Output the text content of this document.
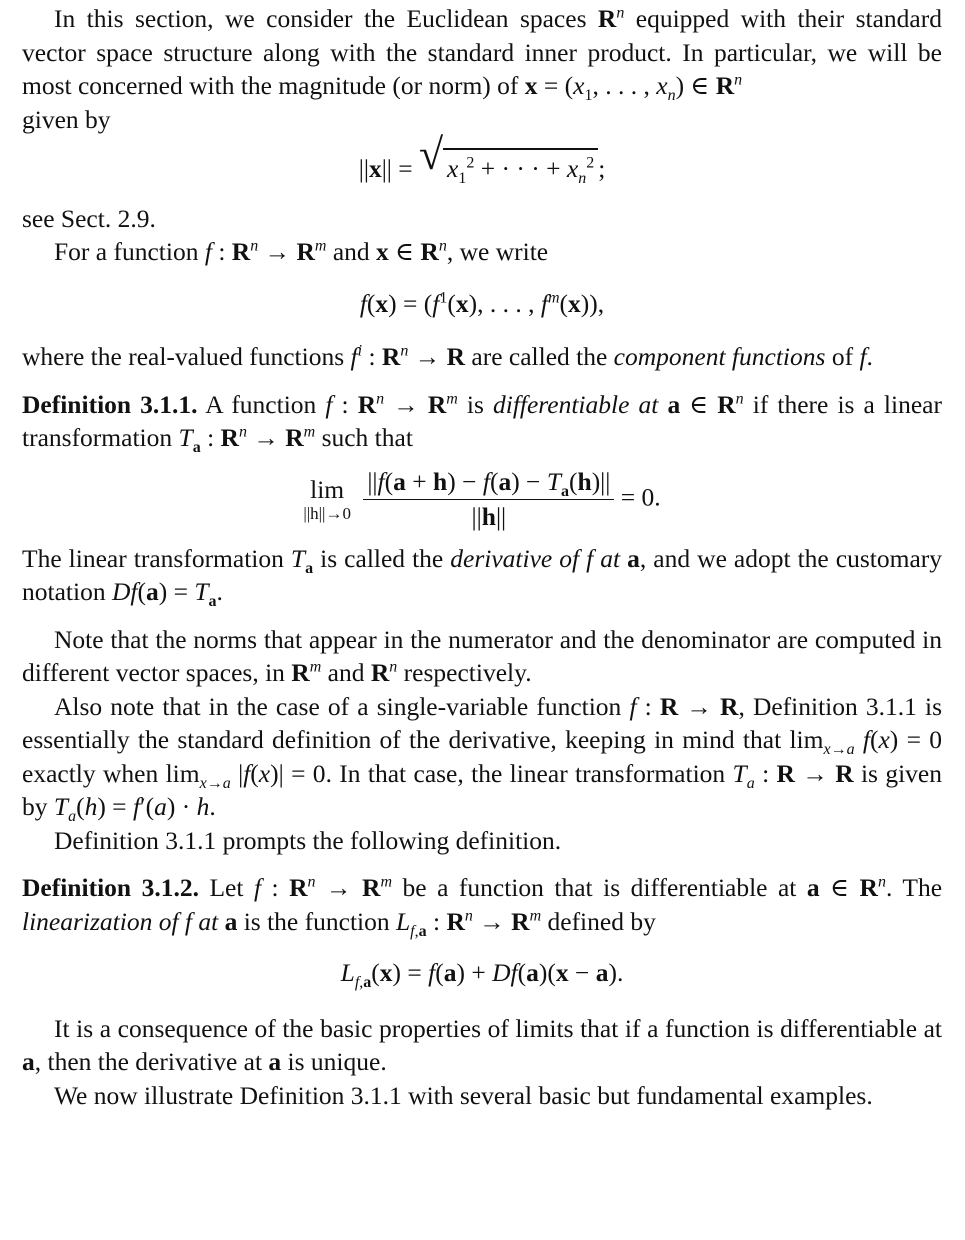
In this section, we consider the Euclidean spaces $R^n$ equipped with their standard vector space structure along with the standard inner product. In particular, we will be most concerned with the magnitude (or norm) of $x = (x_1$, . . . , $x_n$) ∈ $R^n$
given by

||x|| = √ $x_1^2$ + · · · + $x_n^2$ ;

see Sect. 2.9.

For a function f : $R^n \to R^m$ and x ∈ $R^n$, we write

$f(x) = (f^1(x)$, . . . , $f^m(x)$),

where the real-valued functions $f^i$ : $R^n \to R$ are called the component functions of f.

Definition 3.1.1. A function f : $R^n \to R^m$ is differentiable at a ∈ $R^n$ if there is a linear transformation $T_a$ : $R^n \to R^m$ such that

lim
||h||→0
$\frac{||f(a + h) - f(a) - T_a(h)||}{||h||} = 0$.

The linear transformation $T_a$ is called the derivative of f at a, and we adopt the customary notation $Df(a) = T_a$.

Note that the norms that appear in the numerator and the denominator are computed in different vector spaces, in $R^m$ and $R^n$ respectively.

Also note that in the case of a single-variable function f : R → R, Definition 3.1.1 is essentially the standard definition of the derivative, keeping in mind that $\lim_{x\to a} f(x) = 0$ exactly when $\lim_{x\to a} |f(x)| = 0$. In that case, the linear transformation $T_a$ : R → R is given by $T_a(h) = f'(a) \cdot h$.

Definition 3.1.1 prompts the following definition.

Definition 3.1.2. Let f : $R^n \to R^m$ be a function that is differentiable at a ∈ $R^n$. The linearization of f at a is the function $L_{f,a}$ : $R^n \to R^m$ defined by

$L_{f,a}(x) = f(a) + Df(a)(x - a)$.

It is a consequence of the basic properties of limits that if a function is differentiable at a, then the derivative at a is unique.

We now illustrate Definition 3.1.1 with several basic but fundamental examples.
